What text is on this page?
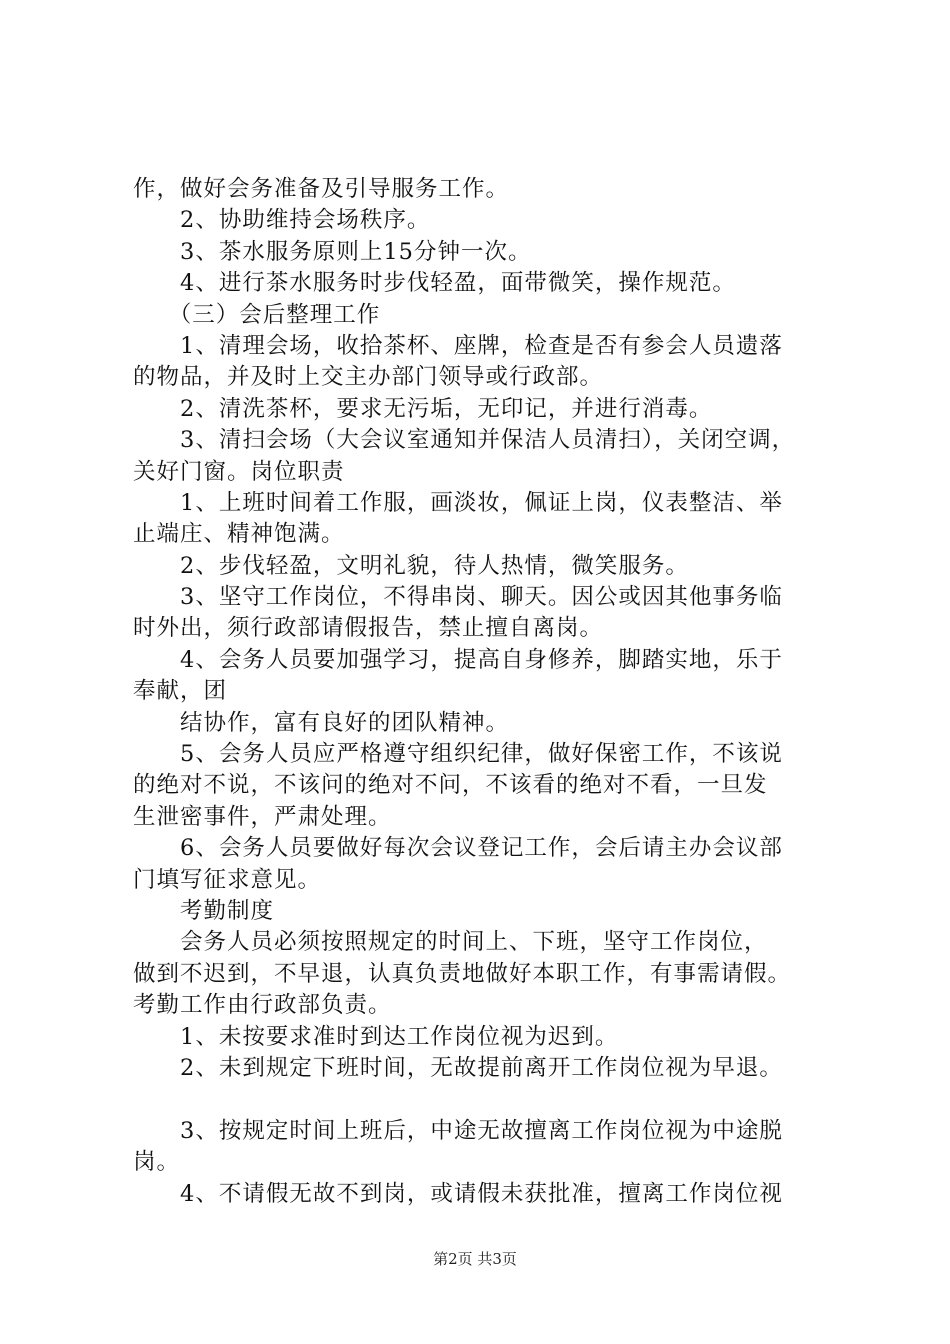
作，做好会务准备及引导服务工作。
　　2、协助维持会场秩序。
　　3、茶水服务原则上15分钟一次。
　　4、进行茶水服务时步伐轻盈，面带微笑，操作规范。
　　（三）会后整理工作
　　1、清理会场，收拾茶杯、座牌，检查是否有参会人员遗落
的物品，并及时上交主办部门领导或行政部。
　　2、清洗茶杯，要求无污垢，无印记，并进行消毒。
　　3、清扫会场（大会议室通知并保洁人员清扫），关闭空调，
关好门窗。岗位职责
　　1、上班时间着工作服，画淡妆，佩证上岗，仪表整洁、举
止端庄、精神饱满。
　　2、步伐轻盈，文明礼貌，待人热情，微笑服务。
　　3、坚守工作岗位，不得串岗、聊天。因公或因其他事务临
时外出，须行政部请假报告，禁止擅自离岗。
　　4、会务人员要加强学习，提高自身修养，脚踏实地，乐于
奉献，团
　　结协作，富有良好的团队精神。
　　5、会务人员应严格遵守组织纪律，做好保密工作，不该说
的绝对不说，不该问的绝对不问，不该看的绝对不看，一旦发
生泄密事件，严肃处理。
　　6、会务人员要做好每次会议登记工作，会后请主办会议部
门填写征求意见。
　　考勤制度
　　会务人员必须按照规定的时间上、下班，坚守工作岗位，
做到不迟到，不早退，认真负责地做好本职工作，有事需请假。
考勤工作由行政部负责。
　　1、未按要求准时到达工作岗位视为迟到。
　　2、未到规定下班时间，无故提前离开工作岗位视为早退。
　　3、按规定时间上班后，中途无故擅离工作岗位视为中途脱
岗。
　　4、不请假无故不到岗，或请假未获批准，擅离工作岗位视
第2页 共3页
